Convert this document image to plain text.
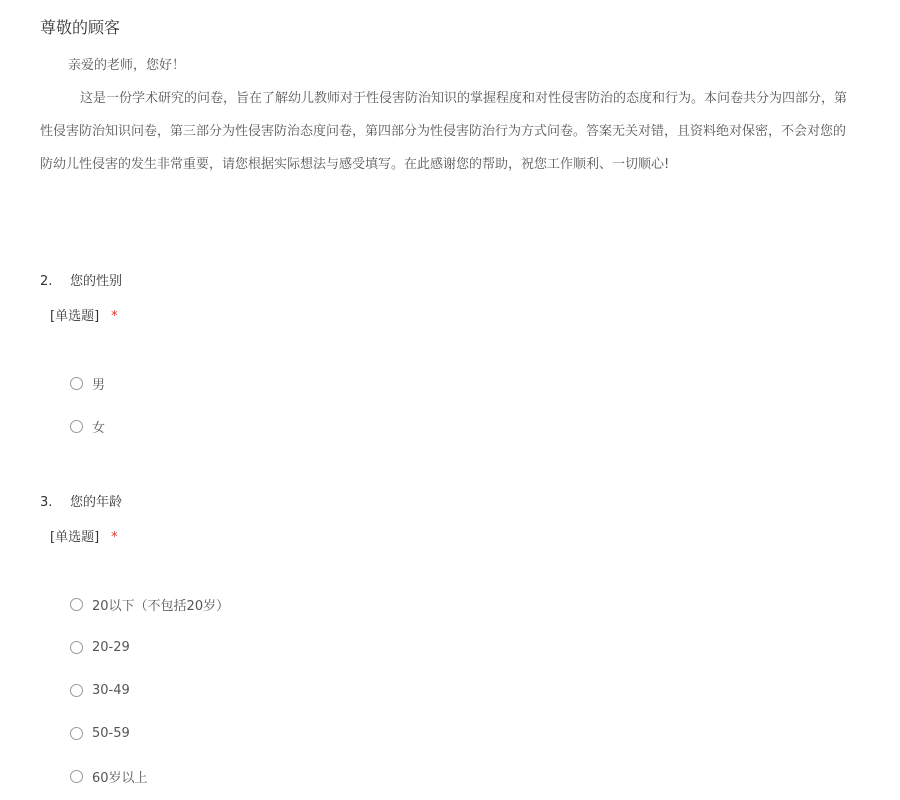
尊敬的顾客
亲爱的老师，您好！
这是一份学术研究的问卷，旨在了解幼儿教师对于性侵害防治知识的掌握程度和对性侵害防治的态度和行为。本问卷共分为四部分，第
性侵害防治知识问卷，第三部分为性侵害防治态度问卷，第四部分为性侵害防治行为方式问卷。答案无关对错，且资料绝对保密，不会对您的
防幼儿性侵害的发生非常重要，请您根据实际想法与感受填写。在此感谢您的帮助，祝您工作顺利、一切顺心!
2. 您的性别
[单选题] *
男
女
3. 您的年龄
[单选题] *
20以下（不包括20岁）
20-29
30-49
50-59
60岁以上
